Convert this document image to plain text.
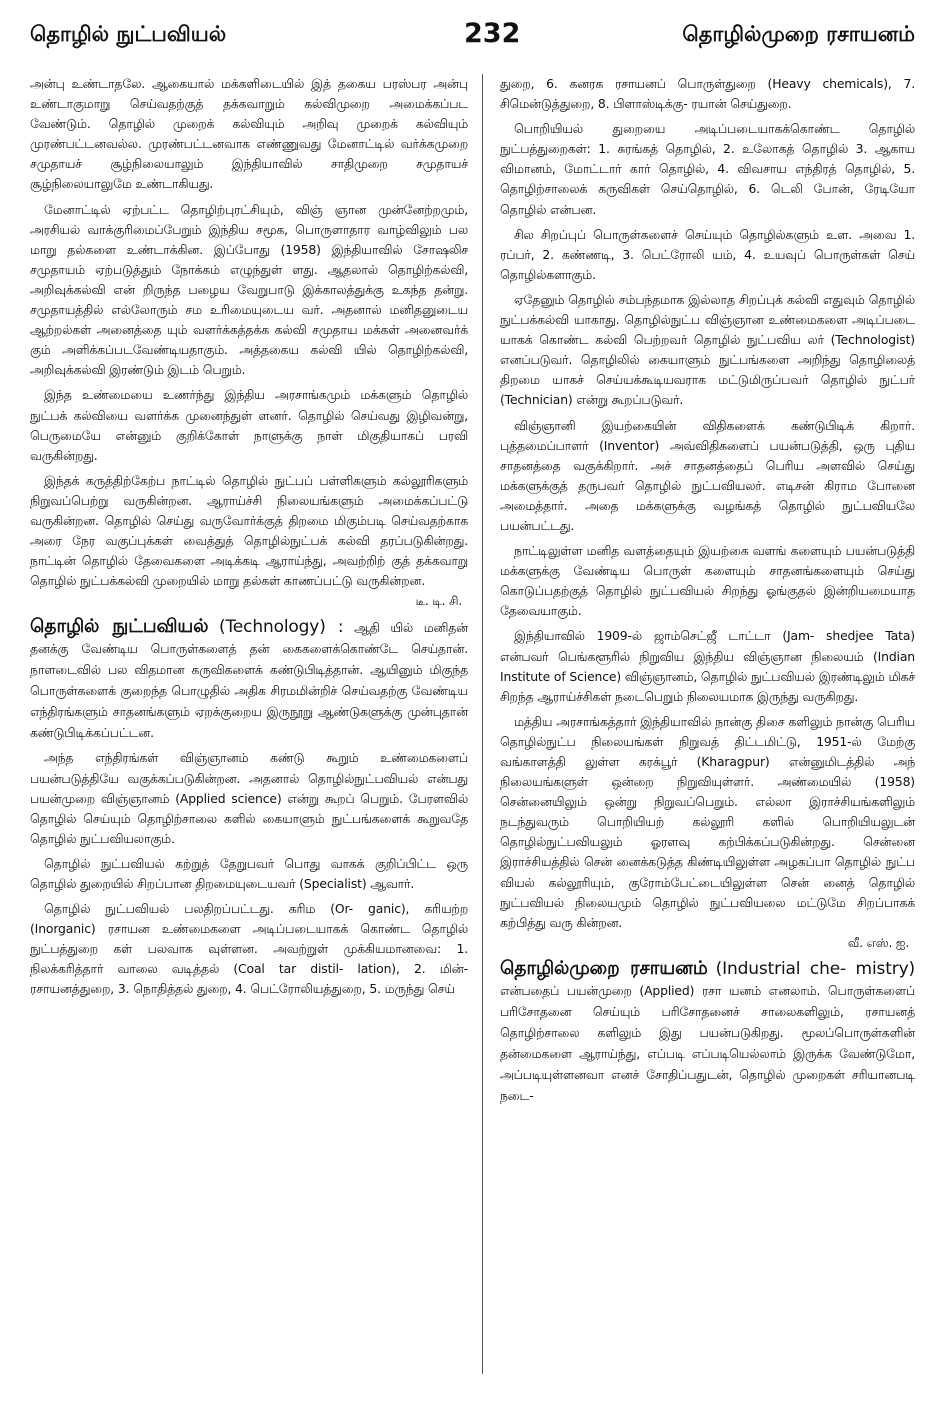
தொழில் நுட்பவியல்	232	தொழில்முறை ரசாயனம்

அன்பு உண்டாதலே. ஆகையால் மக்களிடையில் இத் தகைய பரஸ்பர அன்பு உண்டாகுமாறு செய்வதற்குத் தக்கவாறும் கல்விமுறை அமைக்கப்பட வேண்டும். தொழில் முறைக் கல்வியும் அறிவு முறைக் கல்வியும் முரண்பட்டனவல்ல. முரண்பட்டனவாக எண்ணுவது மேனாட்டில் வர்க்கமுறை சமுதாயச் சூழ்நிலையாலும் இந்தியாவில் சாதிமுறை சமுதாயச் சூழ்நிலையாலுமே உண்டாகியது.

மேனாட்டில் ஏற்பட்ட தொழிற்புரட்சியும், விஞ் ஞான முன்னேற்றமும், அரசியல் வாக்குரிமைப்பேறும் இந்திய சமூக, பொருளாதார வாழ்விலும் பல மாறு தல்களை உண்டாக்கின. இப்போது (1958) இந்தியாவில் சோஷலிச சமுதாயம் ஏற்படுத்தும் நோக்கம் எழுந்துள் ளது. ஆதலால் தொழிற்கல்வி, அறிவுக்கல்வி என் றிருந்த பழைய வேறுபாடு இக்காலத்துக்கு உகந்த தன்று. சமுதாயத்தில் எல்லோரும் சம உரிமையுடைய வர். அதனால் மனிதனுடைய ஆற்றல்கள் அனைத்தை யும் வளர்க்கத்தக்க கல்வி சமுதாய மக்கள் அனைவர்க் கும் அளிக்கப்படவேண்டியதாகும். அத்தகைய கல்வி யில் தொழிற்கல்வி, அறிவுக்கல்வி இரண்டும் இடம் பெறும்.

இந்த உண்மையை உணர்ந்து இந்திய அரசாங்கமும் மக்களும் தொழில் நுட்பக் கல்வியை வளர்க்க முனைந்துள் ளனர். தொழில் செய்வது இழிவன்று, பெருமையே என்னும் குறிக்கோள் நாளுக்கு நாள் மிகுதியாகப் பரவி வருகின்றது.

இந்தக் கருத்திற்கேற்ப நாட்டில் தொழில் நுட்பப் பள்ளிகளும் கல்லூரிகளும் நிறுவப்பெற்று வருகின்றன. ஆராய்ச்சி நிலையங்களும் அமைக்கப்பட்டு வருகின்றன. தொழில் செய்து வருவோர்க்குத் திறமை மிகும்படி செய்வதற்காக அரை நேர வகுப்புக்கள் வைத்துத் தொழில்நுட்பக் கல்வி தரப்படுகின்றது. நாட்டின் தொழில் தேவைகளை அடிக்கடி ஆராய்ந்து, அவற்றிற் குத் தக்கவாறு தொழில் நுட்பக்கல்வி முறையில் மாறு தல்கள் காணப்பட்டு வருகின்றன.
டீ. டி. சி.

தொழில் நுட்பவியல் (Technology) : ஆதி யில் மனிதன் தனக்கு வேண்டிய பொருள்களைத் தன் கைகளைக்கொண்டே செய்தான். நாளடைவில் பல விதமான கருவிகளைக் கண்டுபிடித்தான். ஆயினும் மிகுந்த பொருள்களைக் குறைந்த பொழுதில் அதிக சிரமமின்றிச் செய்வதற்கு வேண்டிய எந்திரங்களும் சாதனங்களும் ஏறக்குறைய இருநூறு ஆண்டுகளுக்கு முன்புதான் கண்டுபிடிக்கப்பட்டன.

அந்த எந்திரங்கள் விஞ்ஞானம் கண்டு கூறும் உண்மைகளைப் பயன்படுத்தியே வகுக்கப்படுகின்றன. அதனால் தொழில்நுட்பவியல் என்பது பயன்முறை விஞ்ஞானம் (Applied science) என்று கூறப் பெறும். பேரளவில் தொழில் செய்யும் தொழிற்சாலை களில் கையாளும் நுட்பங்களைக் கூறுவதே தொழில் நுட்பவியலாகும்.

தொழில் நுட்பவியல் கற்றுத் தேறுபவர் பொது வாகக் குறிப்பிட்ட ஒரு தொழில் துறையில் சிறப்பான திறமையுடையவர் (Specialist) ஆவார்.

தொழில் நுட்பவியல் பலதிறப்பட்டது. கரிம (Or- ganic), கரியற்ற (Inorganic) ரசாயன உண்மைகளை அடிப்படையாகக் கொண்ட தொழில் நுட்பத்துறை கள் பலவாக வுள்ளன. அவற்றுள் முக்கியமானவை: 1. நிலக்கரித்தார் வாலை வடித்தல் (Coal tar distil- lation), 2. மின்-ரசாயனத்துறை, 3. நொதித்தல் துறை, 4. பெட்ரோலியத்துறை, 5. மருந்து செய்

துறை, 6. கனரக ரசாயனப் பொருள்துறை (Heavy chemicals), 7. சிமென்டுத்துறை, 8. பிளாஸ்டிக்கு- ரயான் செய்துறை.

பொறியியல் துறையை அடிப்படையாகக்கொண்ட தொழில் நுட்பத்துறைகள்: 1. சுரங்கத் தொழில், 2. உலோகத் தொழில் 3. ஆகாய விமானம், மோட்டார் கார் தொழில், 4. விவசாய எந்திரத் தொழில், 5. தொழிற்சாலைக் கருவிகள் செய்தொழில், 6. டெலி போன், ரேடியோ தொழில் என்பன.

சில சிறப்புப் பொருள்களைச் செய்யும் தொழில்களும் உள. அவை 1. ரப்பர், 2. கண்ணடி, 3. பெட்ரோலி யம், 4. உயவுப் பொருள்கள் செய் தொழில்களாகும்.

ஏதேனும் தொழில் சம்பந்தமாக இல்லாத சிறப்புக் கல்வி எதுவும் தொழில் நுட்பக்கல்வி யாகாது. தொழில்நுட்ப விஞ்ஞான உண்மைகளை அடிப்படை யாகக் கொண்ட கல்வி பெற்றவர் தொழில் நுட்பவிய லர் (Technologist) எனப்படுவர். தொழிலில் கையாளும் நுட்பங்களை அறிந்து தொழிலைத் திறமை யாகச் செய்யக்கூடியவராக மட்டுமிருப்பவர் தொழில் நுட்பர் (Technician) என்று கூறப்படுவர்.

விஞ்ஞானி இயற்கையின் விதிகளைக் கண்டுபிடிக் கிறார். புத்தமைப்பாளர் (Inventor) அவ்விதிகளைப் பயன்படுத்தி, ஒரு புதிய சாதனத்தை வகுக்கிறார். அச் சாதனத்தைப் பெரிய அளவில் செய்து மக்களுக்குத் தருபவர் தொழில் நுட்பவியலர். எடிசன் கிராம போனை அமைத்தார். அதை மக்களுக்கு வழங்கத் தொழில் நுட்பவியலே பயன்பட்டது.

நாட்டிலுள்ள மனித வளத்தையும் இயற்கை வளங் களையும் பயன்படுத்தி மக்களுக்கு வேண்டிய பொருள் களையும் சாதனங்களையும் செய்து கொடுப்பதற்குத் தொழில் நுட்பவியல் சிறந்து ஓங்குதல் இன்றியமையாத தேவையாகும்.

இந்தியாவில் 1909-ல் ஜாம்செட்ஜீ டாட்டா (Jam- shedjee Tata) என்பவர் பெங்களூரில் நிறுவிய இந்திய விஞ்ஞான நிலையம் (Indian Institute of Science) விஞ்ஞானம், தொழில் நுட்பவியல் இரண்டிலும் மிகச் சிறந்த ஆராய்ச்சிகள் நடைபெறும் நிலையமாக இருந்து வருகிறது.

மத்திய அரசாங்கத்தார் இந்தியாவில் நான்கு திசை களிலும் நான்கு பெரிய தொழில்நுட்ப நிலையங்கள் நிறுவத் திட்டமிட்டு, 1951-ல் மேற்கு வங்காளத்தி லுள்ள கரக்பூர் (Kharagpur) என்னுமிடத்தில் அந் நிலையங்களுள் ஒன்றை நிறுவியுள்ளர். அண்மையில் (1958) சென்னையிலும் ஒன்று நிறுவப்பெறும். எல்லா இராச்சியங்களிலும் நடந்துவரும் பொறியியற் கல்லூரி களில் பொறியியலுடன் தொழில்நுட்பவியலும் ஓரளவு கற்பிக்கப்படுகின்றது. சென்னை இராச்சியத்தில் சென் னைக்கடுத்த கிண்டியிலுள்ள அழகப்பா தொழில் நுட்ப வியல் கல்லூரியும், குரோம்பேட்டையிலுள்ள சென் னைத் தொழில் நுட்பவியல் நிலையமும் தொழில் நுட்பவியலை மட்டுமே சிறப்பாகக் கற்பித்து வரு கின்றன.
வீ. எஸ். ஐ.

தொழில்முறை ரசாயனம் (Industrial che- mistry) என்பதைப் பயன்முறை (Applied) ரசா யனம் எனலாம். பொருள்களைப் பரிசோதனை செய்யும் பரிசோதனைச் சாலைகளிலும், ரசாயனத் தொழிற்சாலை களிலும் இது பயன்படுகிறது. மூலப்பொருள்களின் தன்மைகளை ஆராய்ந்து, எப்படி எப்படியெல்லாம் இருக்க வேண்டுமோ, அப்படியுள்ளனவா எனச் சோதிப்பதுடன், தொழில் முறைகள் சரியானபடி நடை-
